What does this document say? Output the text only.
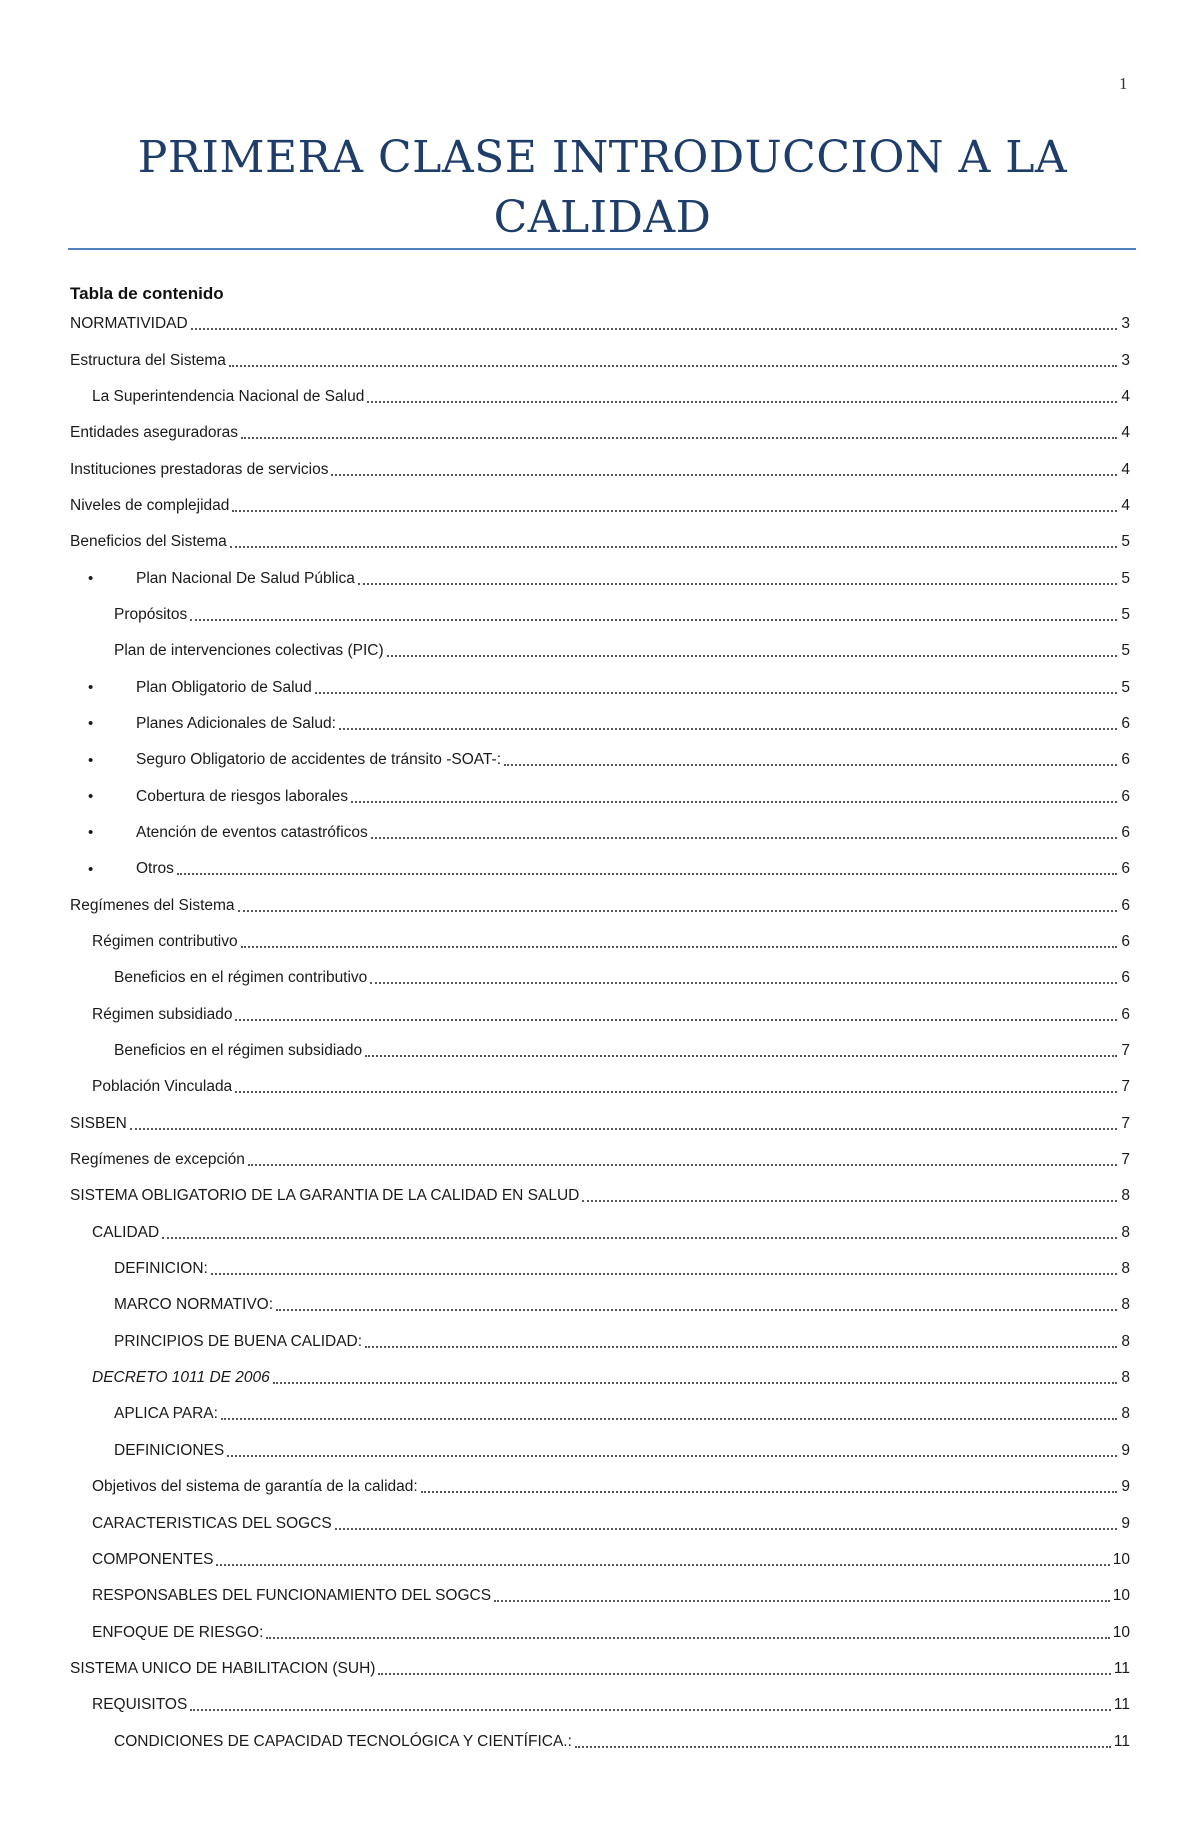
1
PRIMERA CLASE INTRODUCCION A LA CALIDAD
Tabla de contenido
NORMATIVIDAD	3
Estructura del Sistema	3
La Superintendencia Nacional de Salud	4
Entidades aseguradoras	4
Instituciones prestadoras de servicios	4
Niveles de complejidad	4
Beneficios del Sistema	5
•	Plan Nacional De Salud Pública	5
Propósitos	5
Plan de intervenciones colectivas (PIC)	5
•	Plan Obligatorio de Salud	5
•	Planes Adicionales de Salud:	6
•	Seguro Obligatorio de accidentes de tránsito -SOAT-:	6
•	Cobertura de riesgos laborales	6
•	Atención de eventos catastróficos	6
•	Otros	6
Regímenes del Sistema	6
Régimen contributivo	6
Beneficios en el régimen contributivo	6
Régimen subsidiado	6
Beneficios en el régimen subsidiado	7
Población Vinculada	7
SISBEN	7
Regímenes de excepción	7
SISTEMA OBLIGATORIO DE LA GARANTIA DE LA CALIDAD EN SALUD	8
CALIDAD	8
DEFINICION:	8
MARCO NORMATIVO:	8
PRINCIPIOS DE BUENA CALIDAD:	8
DECRETO 1011 DE 2006	8
APLICA PARA:	8
DEFINICIONES	9
Objetivos del sistema de garantía de la calidad:	9
CARACTERISTICAS DEL SOGCS	9
COMPONENTES	10
RESPONSABLES DEL FUNCIONAMIENTO DEL SOGCS	10
ENFOQUE DE RIESGO:	10
SISTEMA UNICO DE HABILITACION (SUH)	11
REQUISITOS	11
CONDICIONES DE CAPACIDAD TECNOLÓGICA Y CIENTÍFICA.:	11
